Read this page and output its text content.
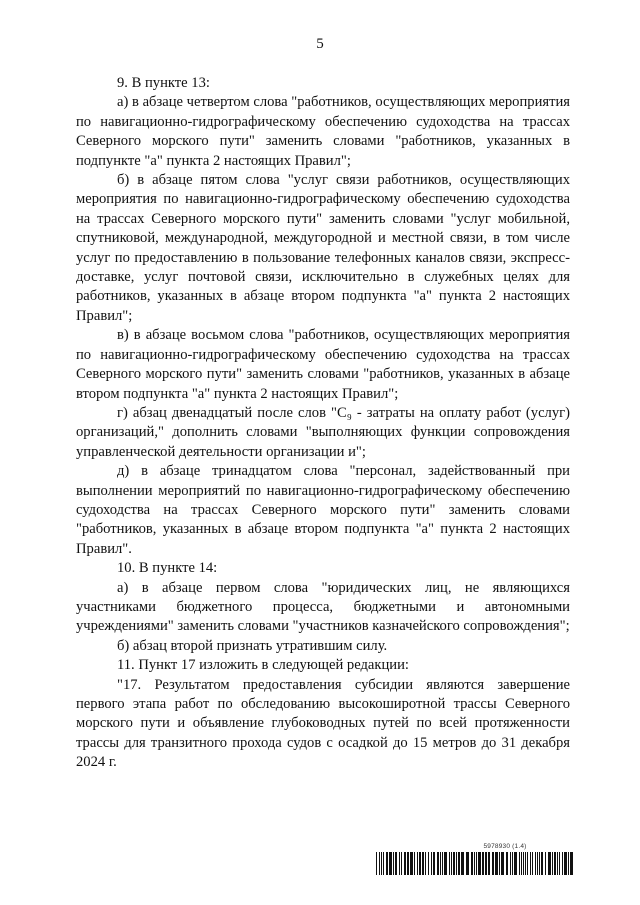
5

9. В пункте 13:

а) в абзаце четвертом слова "работников, осуществляющих мероприятия по навигационно-гидрографическому обеспечению судоходства на трассах Северного морского пути" заменить словами "работников, указанных в подпункте "а" пункта 2 настоящих Правил";

б) в абзаце пятом слова "услуг связи работников, осуществляющих мероприятия по навигационно-гидрографическому обеспечению судоходства на трассах Северного морского пути" заменить словами "услуг мобильной, спутниковой, международной, междугородной и местной связи, в том числе услуг по предоставлению в пользование телефонных каналов связи, экспресс-доставке, услуг почтовой связи, исключительно в служебных целях для работников, указанных в абзаце втором подпункта "а" пункта 2 настоящих Правил";

в) в абзаце восьмом слова "работников, осуществляющих мероприятия по навигационно-гидрографическому обеспечению судоходства на трассах Северного морского пути" заменить словами "работников, указанных в абзаце втором подпункта "а" пункта 2 настоящих Правил";

г) абзац двенадцатый после слов "C₉ - затраты на оплату работ (услуг) организаций," дополнить словами "выполняющих функции сопровождения управленческой деятельности организации и";

д) в абзаце тринадцатом слова "персонал, задействованный при выполнении мероприятий по навигационно-гидрографическому обеспечению судоходства на трассах Северного морского пути" заменить словами "работников, указанных в абзаце втором подпункта "а" пункта 2 настоящих Правил".

10. В пункте 14:

а) в абзаце первом слова "юридических лиц, не являющихся участниками бюджетного процесса, бюджетными и автономными учреждениями" заменить словами "участников казначейского сопровождения";

б) абзац второй признать утратившим силу.

11. Пункт 17 изложить в следующей редакции:

"17. Результатом предоставления субсидии являются завершение первого этапа работ по обследованию высокоширотной трассы Северного морского пути и объявление глубоководных путей по всей протяженности трассы для транзитного прохода судов с осадкой до 15 метров до 31 декабря 2024 г.

5978930 (1.4)
